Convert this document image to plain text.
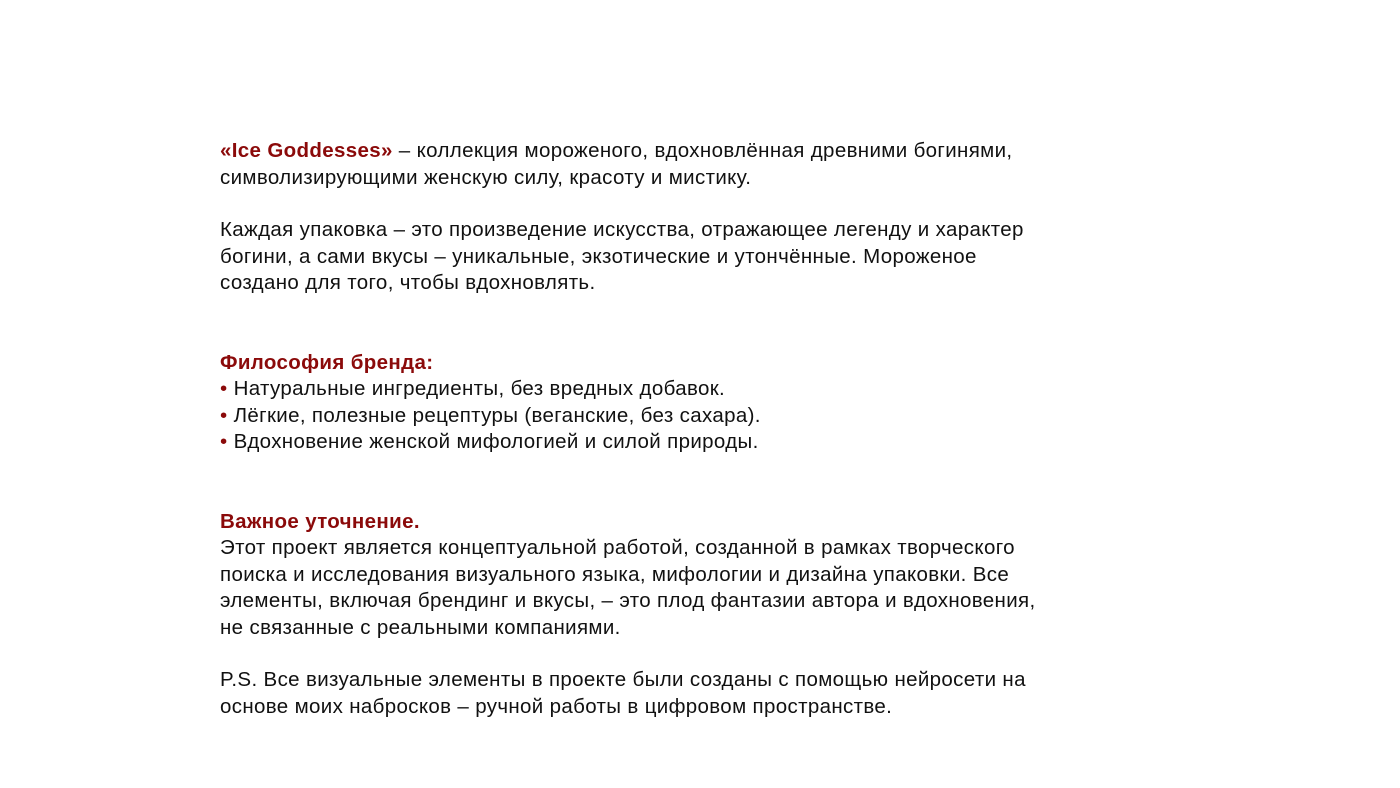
«Ice Goddesses» – коллекция мороженого, вдохновлённая древними богинями,

символизирующими женскую силу, красоту и мистику.

Каждая упаковка – это произведение искусства, отражающее легенду и характер

богини, а сами вкусы – уникальные, экзотические и утончённые. Мороженое

создано для того, чтобы вдохновлять.

Философия бренда:

• Натуральные ингредиенты, без вредных добавок.

• Лёгкие, полезные рецептуры (веганские, без сахара).

• Вдохновение женской мифологией и силой природы.

Важное уточнение.

Этот проект является концептуальной работой, созданной в рамках творческого

поиска и исследования визуального языка, мифологии и дизайна упаковки. Все

элементы, включая брендинг и вкусы, – это плод фантазии автора и вдохновения,

не связанные с реальными компаниями.

P.S. Все визуальные элементы в проекте были созданы с помощью нейросети на

основе моих набросков – ручной работы в цифровом пространстве.
